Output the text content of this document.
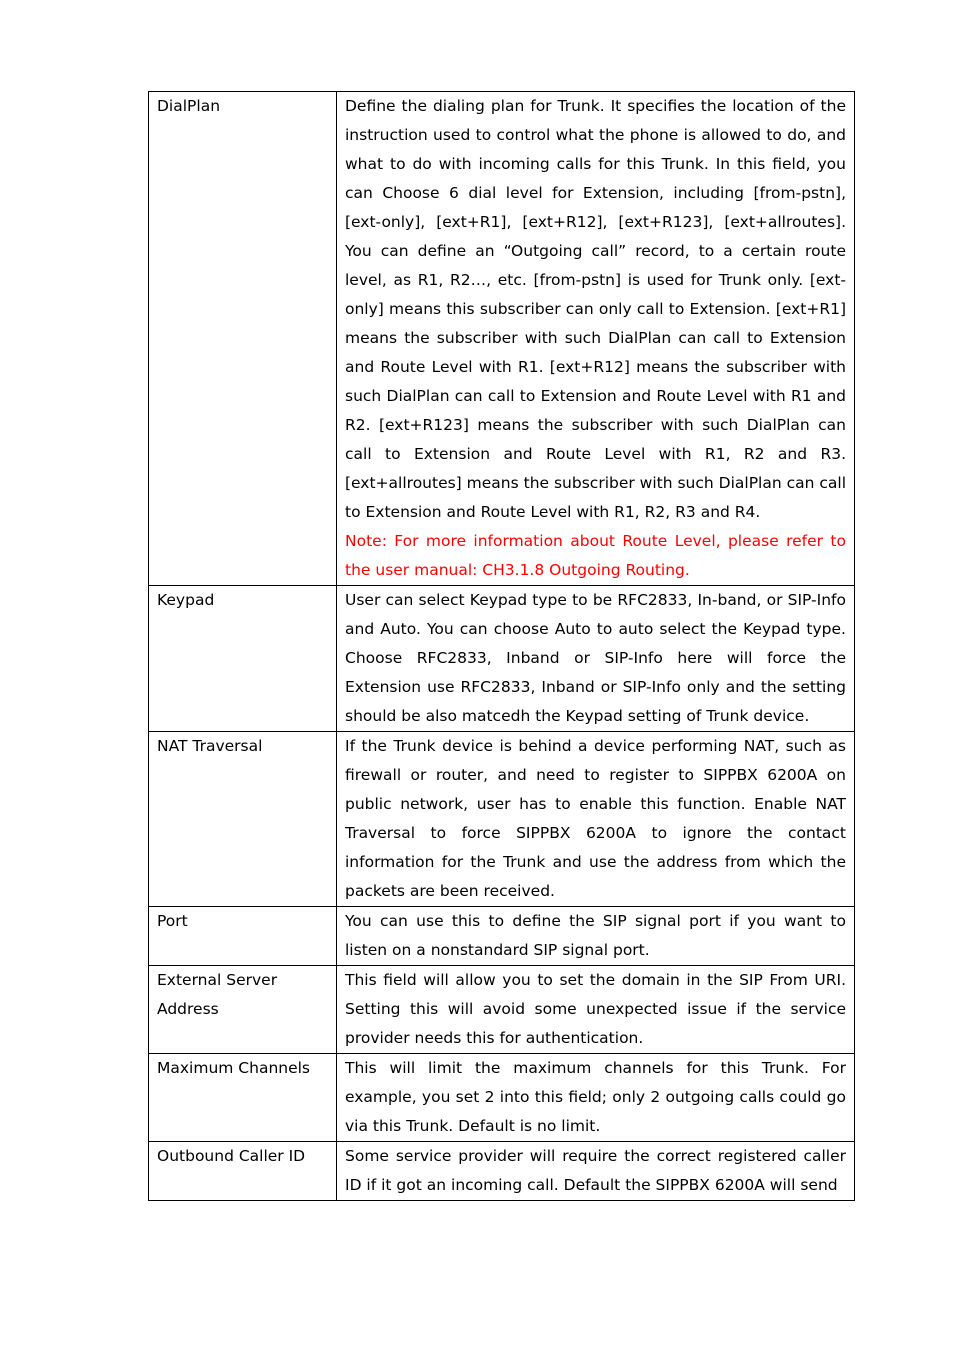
DialPlan	Define the dialing plan for Trunk. It specifies the location of the instruction used to control what the phone is allowed to do, and what to do with incoming calls for this Trunk. In this field, you can Choose 6 dial level for Extension, including [from-pstn], [ext-only], [ext+R1], [ext+R12], [ext+R123], [ext+allroutes]. You can define an “Outgoing call” record, to a certain route level, as R1, R2…, etc. [from-pstn] is used for Trunk only. [ext-only] means this subscriber can only call to Extension. [ext+R1] means the subscriber with such DialPlan can call to Extension and Route Level with R1. [ext+R12] means the subscriber with such DialPlan can call to Extension and Route Level with R1 and R2. [ext+R123] means the subscriber with such DialPlan can call to Extension and Route Level with R1, R2 and R3. [ext+allroutes] means the subscriber with such DialPlan can call to Extension and Route Level with R1, R2, R3 and R4.
Note: For more information about Route Level, please refer to the user manual: CH3.1.8 Outgoing Routing.

Keypad	User can select Keypad type to be RFC2833, In-band, or SIP-Info and Auto. You can choose Auto to auto select the Keypad type. Choose RFC2833, Inband or SIP-Info here will force the Extension use RFC2833, Inband or SIP-Info only and the setting should be also matcedh the Keypad setting of Trunk device.

NAT Traversal	If the Trunk device is behind a device performing NAT, such as firewall or router, and need to register to SIPPBX 6200A on public network, user has to enable this function. Enable NAT Traversal to force SIPPBX 6200A to ignore the contact information for the Trunk and use the address from which the packets are been received.

Port	You can use this to define the SIP signal port if you want to listen on a nonstandard SIP signal port.

External Server Address	This field will allow you to set the domain in the SIP From URI. Setting this will avoid some unexpected issue if the service provider needs this for authentication.

Maximum Channels	This will limit the maximum channels for this Trunk. For example, you set 2 into this field; only 2 outgoing calls could go via this Trunk. Default is no limit.

Outbound Caller ID	Some service provider will require the correct registered caller ID if it got an incoming call. Default the SIPPBX 6200A will send
